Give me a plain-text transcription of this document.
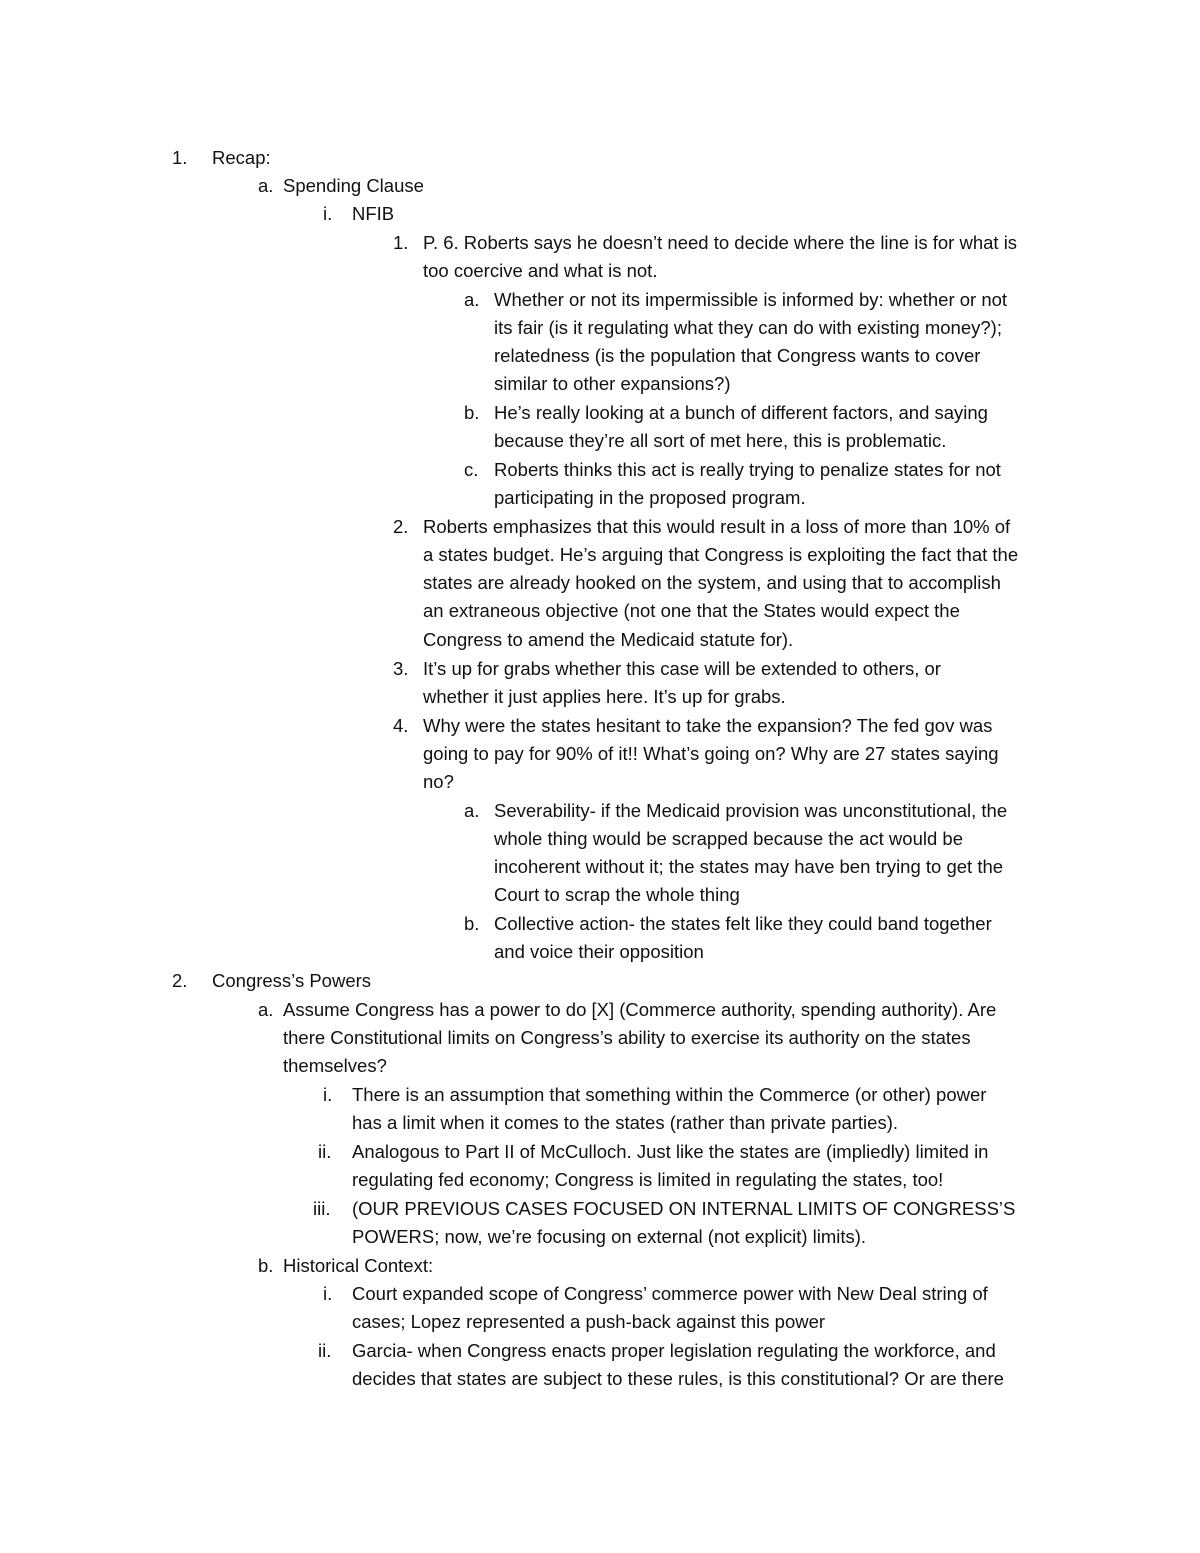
1. Recap:
a. Spending Clause
i. NFIB
1. P. 6. Roberts says he doesn’t need to decide where the line is for what is
too coercive and what is not.
a. Whether or not its impermissible is informed by: whether or not
its fair (is it regulating what they can do with existing money?);
relatedness (is the population that Congress wants to cover
similar to other expansions?)
b. He’s really looking at a bunch of different factors, and saying
because they’re all sort of met here, this is problematic.
c. Roberts thinks this act is really trying to penalize states for not
participating in the proposed program.
2. Roberts emphasizes that this would result in a loss of more than 10% of
a states budget. He’s arguing that Congress is exploiting the fact that the
states are already hooked on the system, and using that to accomplish
an extraneous objective (not one that the States would expect the
Congress to amend the Medicaid statute for).
3. It’s up for grabs whether this case will be extended to others, or
whether it just applies here. It’s up for grabs.
4. Why were the states hesitant to take the expansion? The fed gov was
going to pay for 90% of it!! What’s going on? Why are 27 states saying
no?
a. Severability- if the Medicaid provision was unconstitutional, the
whole thing would be scrapped because the act would be
incoherent without it; the states may have ben trying to get the
Court to scrap the whole thing
b. Collective action- the states felt like they could band together
and voice their opposition
2. Congress’s Powers
a. Assume Congress has a power to do [X] (Commerce authority, spending authority). Are
there Constitutional limits on Congress’s ability to exercise its authority on the states
themselves?
i. There is an assumption that something within the Commerce (or other) power
has a limit when it comes to the states (rather than private parties).
ii. Analogous to Part II of McCulloch. Just like the states are (impliedly) limited in
regulating fed economy; Congress is limited in regulating the states, too!
iii. (OUR PREVIOUS CASES FOCUSED ON INTERNAL LIMITS OF CONGRESS’S
POWERS; now, we’re focusing on external (not explicit) limits).
b. Historical Context:
i. Court expanded scope of Congress’ commerce power with New Deal string of
cases; Lopez represented a push-back against this power
ii. Garcia- when Congress enacts proper legislation regulating the workforce, and
decides that states are subject to these rules, is this constitutional? Or are there
